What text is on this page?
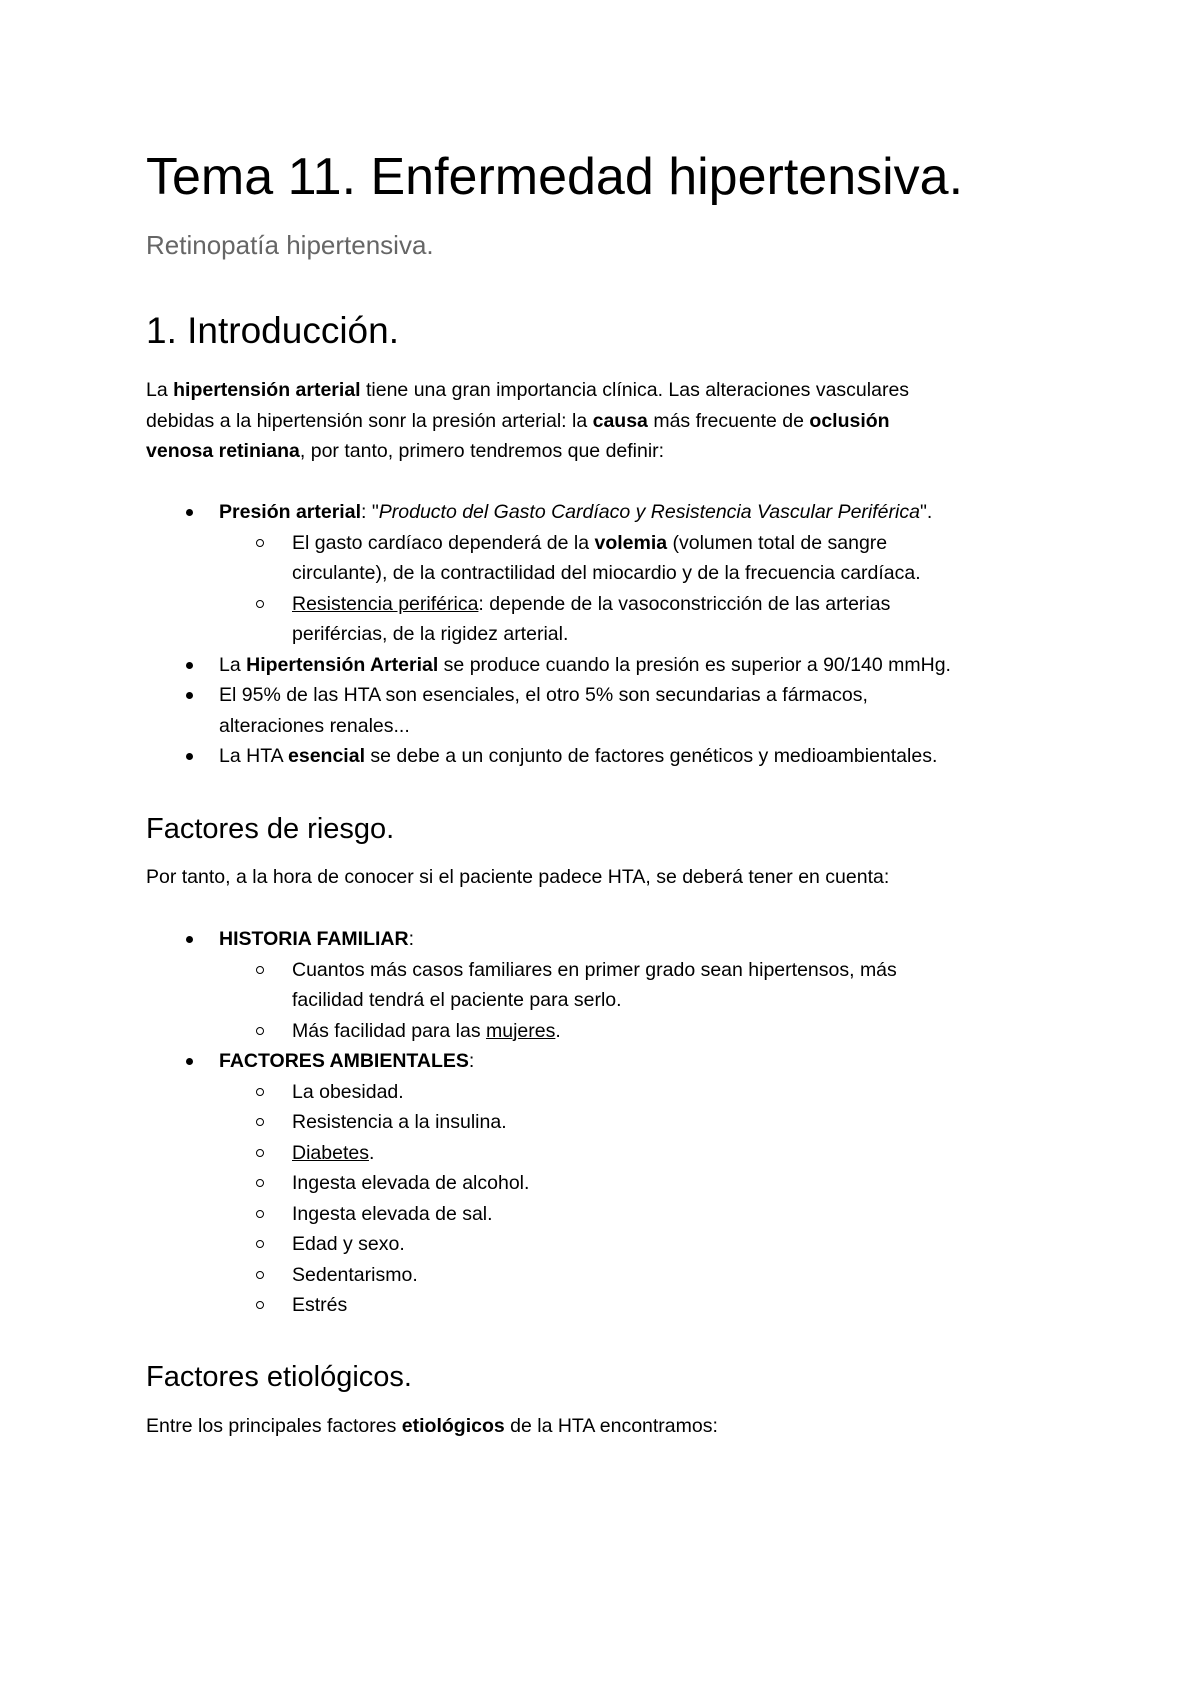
Tema 11. Enfermedad hipertensiva.

Retinopatía hipertensiva.

1. Introducción.

La hipertensión arterial tiene una gran importancia clínica. Las alteraciones vasculares
debidas a la hipertensión sonr la presión arterial: la causa más frecuente de oclusión
venosa retiniana, por tanto, primero tendremos que definir:

Presión arterial: "Producto del Gasto Cardíaco y Resistencia Vascular Periférica".
El gasto cardíaco dependerá de la volemia (volumen total de sangre
circulante), de la contractilidad del miocardio y de la frecuencia cardíaca.
Resistencia periférica: depende de la vasoconstricción de las arterias
perifércias, de la rigidez arterial.
La Hipertensión Arterial se produce cuando la presión es superior a 90/140 mmHg.
El 95% de las HTA son esenciales, el otro 5% son secundarias a fármacos,
alteraciones renales...
La HTA esencial se debe a un conjunto de factores genéticos y medioambientales.
Factores de riesgo.

Por tanto, a la hora de conocer si el paciente padece HTA, se deberá tener en cuenta:

HISTORIA FAMILIAR:
Cuantos más casos familiares en primer grado sean hipertensos, más
facilidad tendrá el paciente para serlo.
Más facilidad para las mujeres.
FACTORES AMBIENTALES:
La obesidad.
Resistencia a la insulina.
Diabetes.
Ingesta elevada de alcohol.
Ingesta elevada de sal.
Edad y sexo.
Sedentarismo.
Estrés
Factores etiológicos.

Entre los principales factores etiológicos de la HTA encontramos:
